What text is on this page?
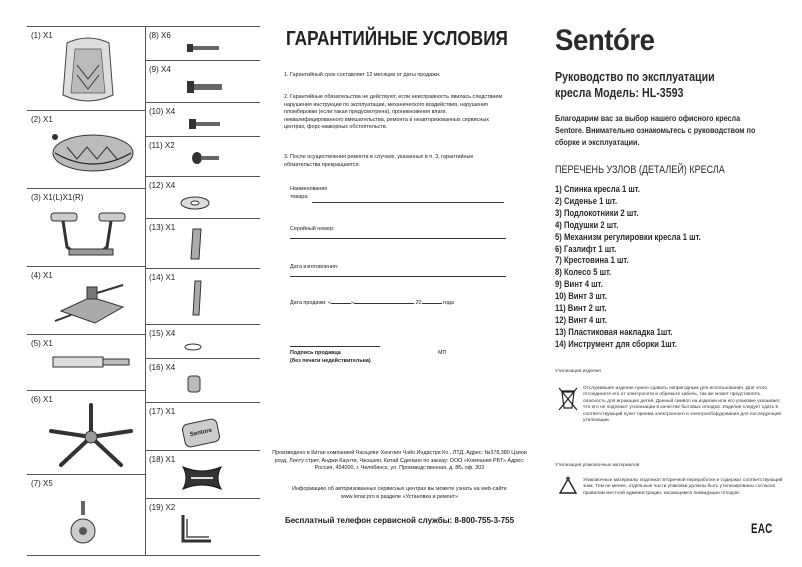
(1) X1
(2) X1
(3) X1(L)X1(R)
(4) X1
(5) X1
(6) X1
(7) X5
(8) X6
(9) X4
(10) X4
(11) X2
(12) X4
(13) X1
(14) X1
(15) X4
(16) X4
(17) X1
Sentore
(18) X1
(19) X2
ГАРАНТИЙНЫЕ УСЛОВИЯ
1. Гарантийный срок составляет 12 месяцев от даты продажи.
2. Гарантийные обязательства не действуют, если неисправность явилась следствием нарушения инструкции по эксплуатации, механического воздействия, нарушения пломбировки (если такая предусмотрена), проникновения влаги, неквалифицированного вмешательства, ремонта в неавторизованных сервисных центрах, форс-мажорных обстоятельств.
3. После осуществления ремонта в случаях, указанных в п. 3, гарантийные обязательства прекращаются.
Наименование товара:
Серийный номер:
Дата изготовления:
Дата продажи: «	»	20	года
Подпись продавца
(без печати недействительна)
МП
Произведено в Китае компанией Чжэцзянг Хенглин Чэйо Индастри Ко., ЛТД. Адрес: №378,380 Цзиои роуд, Линту стрит, Анджи Каунти, Чжэцзян, Китай Сделано по заказу: ООО «Компания РБТ» Адрес: Россия, 454000, г. Челябинск, ул. Производственная, д. 8Б, оф. 303
Информацию об авторизованных сервисных центрах вы можете узнать на web-сайте www.lenar.pro в разделе «Установка и ремонт»
Бесплатный телефон сервисной службы: 8-800-755-3-755
Sentóre
Руководство по эксплуатации
кресла Модель: HL-3593
Благодарим вас за выбор нашего офисного кресла Sentore. Внимательно ознакомьтесь с руководством по сборке и эксплуатации.
ПЕРЕЧЕНЬ УЗЛОВ (ДЕТАЛЕЙ) КРЕСЛА
1) Спинка кресла 1 шт.
2) Сиденье 1 шт.
3) Подлокотники 2 шт.
4) Подушки 2 шт.
5) Механизм регулировки кресла 1 шт.
6) Газлифт 1 шт.
7) Крестовина 1 шт.
8) Колесо 5 шт.
9) Винт 4 шт.
10) Винт 3 шт.
11) Винт 2 шт.
12) Винт 4 шт.
13) Пластиковая накладка 1шт.
14) Инструмент для сборки 1шт.
Утилизация изделия
Отслужившее изделие нужно сдавать непригодным для использования. Для этого отсоедините его от электросети и обрежьте кабель, так же может представлять опасность для играющих детей. Данный символ на изделии или его упаковке указывает, что его не подлежит утилизации в качестве бытовых отходов. Изделие следует сдать в соответствующий пункт приема электронного и электрооборудования для последующей утилизации.
Утилизация упаковочных материалов
Упаковочные материалы подлежат вторичной переработке и содержат соответствующий знак. Тем не менее, отдельные части упаковки должны быть утилизированы согласно правилам местной администрации, касающимся ликвидации отходов.
ЕАС
